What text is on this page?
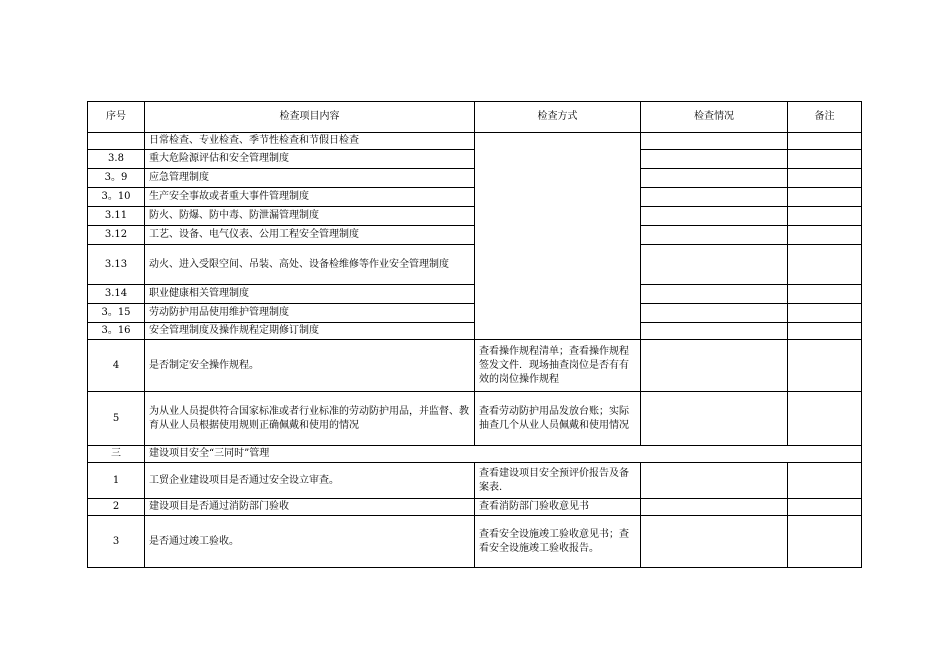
序号	检查项目内容	检查方式	检查情况	备注
	日常检查、专业检查、季节性检查和节假日检查			
3.8	重大危险源评估和安全管理制度			
3。9	应急管理制度			
3。10	生产安全事故或者重大事件管理制度			
3.11	防火、防爆、防中毒、防泄漏管理制度			
3.12	工艺、设备、电气仪表、公用工程安全管理制度			
3.13	动火、进入受限空间、吊装、高处、设备检维修等作业安全管理制度			
3.14	职业健康相关管理制度			
3。15	劳动防护用品使用维护管理制度			
3。16	安全管理制度及操作规程定期修订制度			
4	是否制定安全操作规程。	查看操作规程清单；查看操作规程签发文件．现场抽查岗位是否有有效的岗位操作规程		
5	为从业人员提供符合国家标准或者行业标准的劳动防护用品，并监督、教育从业人员根据使用规则正确佩戴和使用的情况	查看劳动防护用品发放台账；实际抽查几个从业人员佩戴和使用情况		
三	建设项目安全“三同时”管理			
1	工贸企业建设项目是否通过安全设立审查。	查看建设项目安全预评价报告及备案表.		
2	建设项目是否通过消防部门验收	查看消防部门验收意见书		
3	是否通过竣工验收。	查看安全设施竣工验收意见书；查看安全设施竣工验收报告。		
